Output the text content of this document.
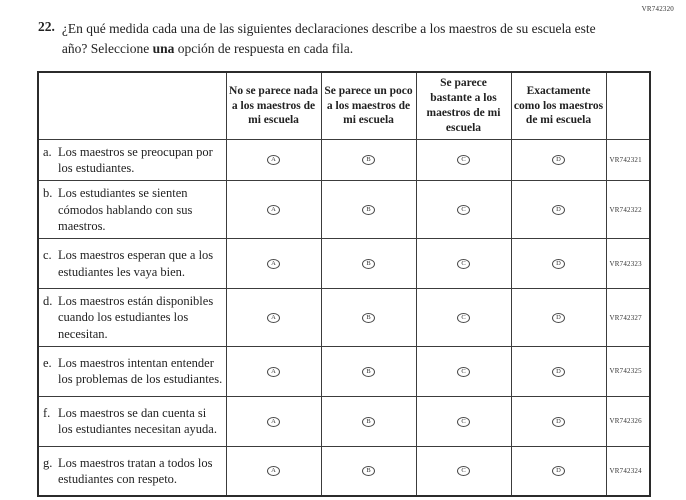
VR742320
22. ¿En qué medida cada una de las siguientes declaraciones describe a los maestros de su escuela este año? Seleccione una opción de respuesta en cada fila.
	No se parece nada a los maestros de mi escuela	Se parece un poco a los maestros de mi escuela	Se parece bastante a los maestros de mi escuela	Exactamente como los maestros de mi escuela	

a. Los maestros se preocupan por los estudiantes.	A	B	C	D	VR742321

b. Los estudiantes se sienten cómodos hablando con sus maestros.	A	B	C	D	VR742322

c. Los maestros esperan que a los estudiantes les vaya bien.	A	B	C	D	VR742323

d. Los maestros están disponibles cuando los estudiantes los necesitan.	A	B	C	D	VR742327

e. Los maestros intentan entender los problemas de los estudiantes.	A	B	C	D	VR742325

f. Los maestros se dan cuenta si los estudiantes necesitan ayuda.	A	B	C	D	VR742326

g. Los maestros tratan a todos los estudiantes con respeto.	A	B	C	D	VR742324
